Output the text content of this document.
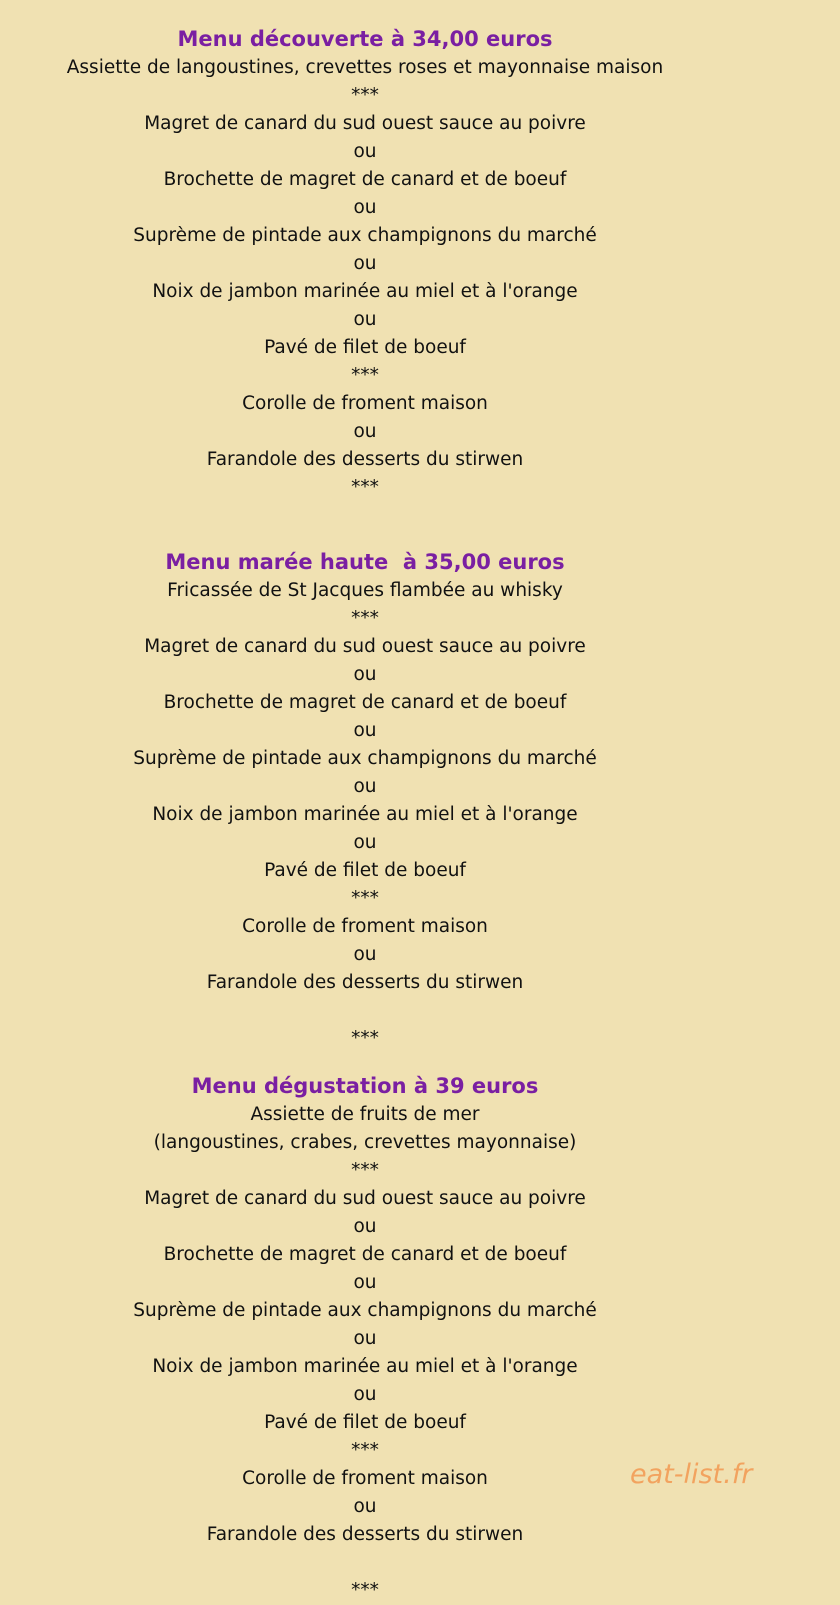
Menu découverte à 34,00 euros
Assiette de langoustines, crevettes roses et mayonnaise maison
***
Magret de canard du sud ouest sauce au poivre
ou
Brochette de magret de canard et de boeuf
ou
Suprème de pintade aux champignons du marché
ou
Noix de jambon marinée au miel et à l'orange
ou
Pavé de filet de boeuf
***
Corolle de froment maison
ou
Farandole des desserts du stirwen
***
Menu marée haute  à 35,00 euros
Fricassée de St Jacques flambée au whisky
***
Magret de canard du sud ouest sauce au poivre
ou
Brochette de magret de canard et de boeuf
ou
Suprème de pintade aux champignons du marché
ou
Noix de jambon marinée au miel et à l'orange
ou
Pavé de filet de boeuf
***
Corolle de froment maison
ou
Farandole des desserts du stirwen
***
Menu dégustation à 39 euros
Assiette de fruits de mer
(langoustines, crabes, crevettes mayonnaise)
***
Magret de canard du sud ouest sauce au poivre
ou
Brochette de magret de canard et de boeuf
ou
Suprème de pintade aux champignons du marché
ou
Noix de jambon marinée au miel et à l'orange
ou
Pavé de filet de boeuf
***
Corolle de froment maison
ou
Farandole des desserts du stirwen
***
eat-list.fr
